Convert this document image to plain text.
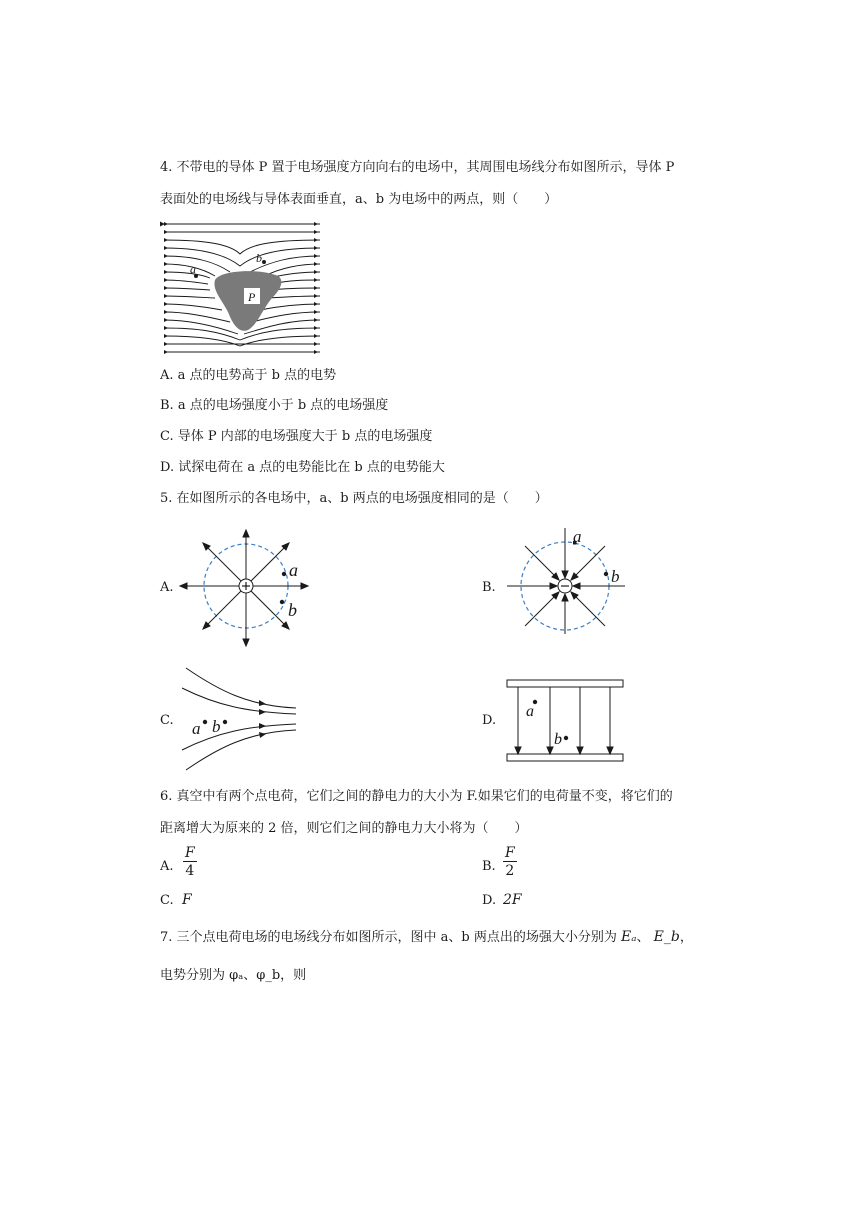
4. 不带电的导体 P 置于电场强度方向向右的电场中，其周围电场线分布如图所示，导体 P
表面处的电场线与导体表面垂直，a、b 为电场中的两点，则（　　）
P
a
b
A. a 点的电势高于 b 点的电势
B. a 点的电场强度小于 b 点的电场强度
C. 导体 P 内部的电场强度大于 b 点的电场强度
D. 试探电荷在 a 点的电势能比在 b 点的电势能大
5. 在如图所示的各电场中，a、b 两点的电场强度相同的是（　　）
A.
a
b
B.
a
b
C. a b	D.
a
b
6. 真空中有两个点电荷，它们之间的静电力的大小为 F.如果它们的电荷量不变，将它们的
距离增大为原来的 2 倍，则它们之间的静电力大小将为（　　）
A. $\frac{F}{4}$	B. $\frac{F}{2}$
C. F	D. 2F
7. 三个点电荷电场的电场线分布如图所示，图中 a、b 两点出的场强大小分别为 Eₐ、 E_b，
电势分别为 φₐ、φ_b，则
